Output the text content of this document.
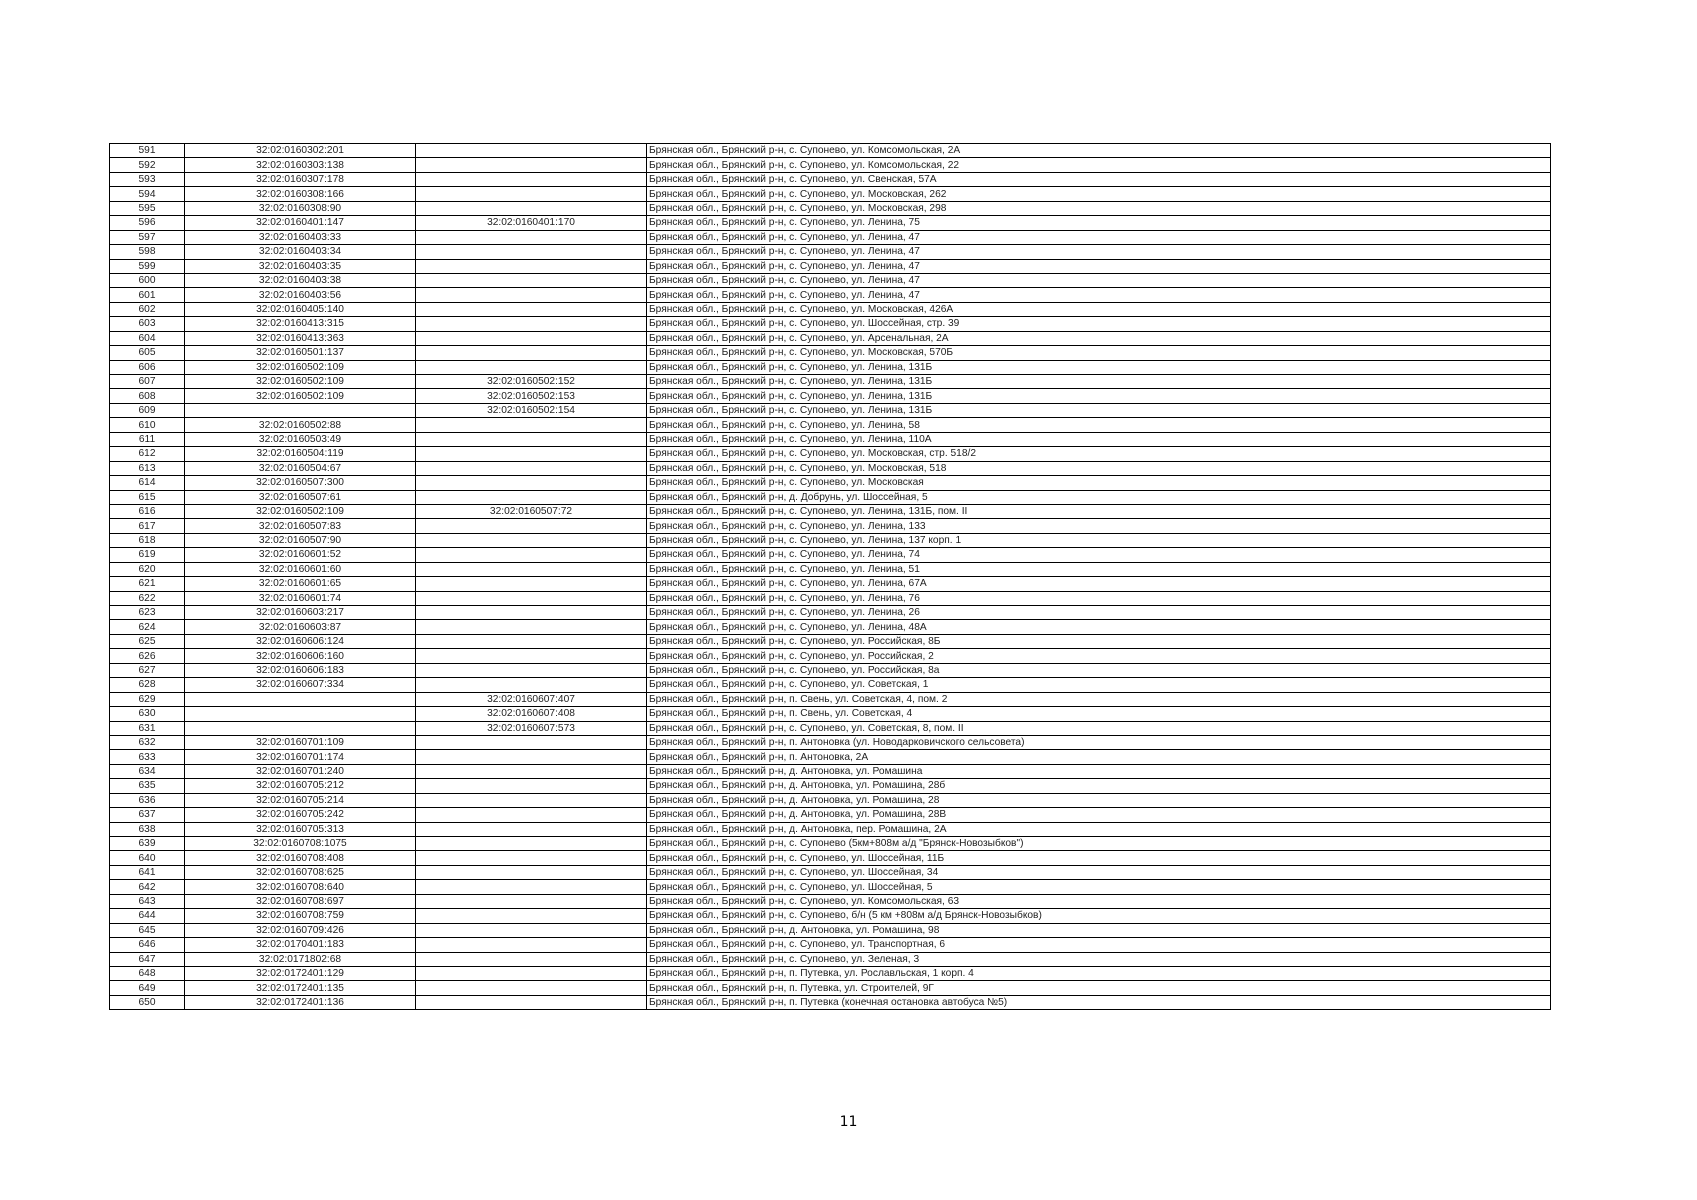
591	32:02:0160302:201		Брянская обл., Брянский р-н, с. Супонево, ул. Комсомольская, 2А
592	32:02:0160303:138		Брянская обл., Брянский р-н, с. Супонево, ул. Комсомольская, 22
593	32:02:0160307:178		Брянская обл., Брянский р-н, с. Супонево, ул. Свенская, 57А
594	32:02:0160308:166		Брянская обл., Брянский р-н, с. Супонево, ул. Московская, 262
595	32:02:0160308:90		Брянская обл., Брянский р-н, с. Супонево, ул. Московская, 298
596	32:02:0160401:147	32:02:0160401:170	Брянская обл., Брянский р-н, с. Супонево, ул. Ленина, 75
597	32:02:0160403:33		Брянская обл., Брянский р-н, с. Супонево, ул. Ленина, 47
598	32:02:0160403:34		Брянская обл., Брянский р-н, с. Супонево, ул. Ленина, 47
599	32:02:0160403:35		Брянская обл., Брянский р-н, с. Супонево, ул. Ленина, 47
600	32:02:0160403:38		Брянская обл., Брянский р-н, с. Супонево, ул. Ленина, 47
601	32:02:0160403:56		Брянская обл., Брянский р-н, с. Супонево, ул. Ленина, 47
602	32:02:0160405:140		Брянская обл., Брянский р-н, с. Супонево, ул. Московская, 426А
603	32:02:0160413:315		Брянская обл., Брянский р-н, с. Супонево, ул. Шоссейная, стр. 39
604	32:02:0160413:363		Брянская обл., Брянский р-н, с. Супонево, ул. Арсенальная, 2А
605	32:02:0160501:137		Брянская обл., Брянский р-н, с. Супонево, ул. Московская, 570Б
606	32:02:0160502:109		Брянская обл., Брянский р-н, с. Супонево, ул. Ленина, 131Б
607	32:02:0160502:109	32:02:0160502:152	Брянская обл., Брянский р-н, с. Супонево, ул. Ленина, 131Б
608	32:02:0160502:109	32:02:0160502:153	Брянская обл., Брянский р-н, с. Супонево, ул. Ленина, 131Б
609		32:02:0160502:154	Брянская обл., Брянский р-н, с. Супонево, ул. Ленина, 131Б
610	32:02:0160502:88		Брянская обл., Брянский р-н, с. Супонево, ул. Ленина, 58
611	32:02:0160503:49		Брянская обл., Брянский р-н, с. Супонево, ул. Ленина, 110А
612	32:02:0160504:119		Брянская обл., Брянский р-н, с. Супонево, ул. Московская, стр. 518/2
613	32:02:0160504:67		Брянская обл., Брянский р-н, с. Супонево, ул. Московская, 518
614	32:02:0160507:300		Брянская обл., Брянский р-н, с. Супонево, ул. Московская
615	32:02:0160507:61		Брянская обл., Брянский р-н, д. Добрунь, ул. Шоссейная, 5
616	32:02:0160502:109	32:02:0160507:72	Брянская обл., Брянский р-н, с. Супонево, ул. Ленина, 131Б, пом. II
617	32:02:0160507:83		Брянская обл., Брянский р-н, с. Супонево, ул. Ленина, 133
618	32:02:0160507:90		Брянская обл., Брянский р-н, с. Супонево, ул. Ленина, 137 корп. 1
619	32:02:0160601:52		Брянская обл., Брянский р-н, с. Супонево, ул. Ленина, 74
620	32:02:0160601:60		Брянская обл., Брянский р-н, с. Супонево, ул. Ленина, 51
621	32:02:0160601:65		Брянская обл., Брянский р-н, с. Супонево, ул. Ленина, 67А
622	32:02:0160601:74		Брянская обл., Брянский р-н, с. Супонево, ул. Ленина, 76
623	32:02:0160603:217		Брянская обл., Брянский р-н, с. Супонево, ул. Ленина, 26
624	32:02:0160603:87		Брянская обл., Брянский р-н, с. Супонево, ул. Ленина, 48А
625	32:02:0160606:124		Брянская обл., Брянский р-н, с. Супонево, ул. Российская, 8Б
626	32:02:0160606:160		Брянская обл., Брянский р-н, с. Супонево, ул. Российская, 2
627	32:02:0160606:183		Брянская обл., Брянский р-н, с. Супонево, ул. Российская, 8а
628	32:02:0160607:334		Брянская обл., Брянский р-н, с. Супонево, ул. Советская, 1
629		32:02:0160607:407	Брянская обл., Брянский р-н, п. Свень, ул. Советская, 4, пом. 2
630		32:02:0160607:408	Брянская обл., Брянский р-н, п. Свень, ул. Советская, 4
631		32:02:0160607:573	Брянская обл., Брянский р-н, с. Супонево, ул. Советская, 8, пом. II
632	32:02:0160701:109		Брянская обл., Брянский р-н, п. Антоновка (ул. Новодарковичского сельсовета)
633	32:02:0160701:174		Брянская обл., Брянский р-н, п. Антоновка, 2А
634	32:02:0160701:240		Брянская обл., Брянский р-н, д. Антоновка, ул. Ромашина
635	32:02:0160705:212		Брянская обл., Брянский р-н, д. Антоновка, ул. Ромашина, 28б
636	32:02:0160705:214		Брянская обл., Брянский р-н, д. Антоновка, ул. Ромашина, 28
637	32:02:0160705:242		Брянская обл., Брянский р-н, д. Антоновка, ул. Ромашина, 28В
638	32:02:0160705:313		Брянская обл., Брянский р-н, д. Антоновка, пер. Ромашина, 2А
639	32:02:0160708:1075		Брянская обл., Брянский р-н, с. Супонево (5км+808м а/д "Брянск-Новозыбков")
640	32:02:0160708:408		Брянская обл., Брянский р-н, с. Супонево, ул. Шоссейная, 11Б
641	32:02:0160708:625		Брянская обл., Брянский р-н, с. Супонево, ул. Шоссейная, 34
642	32:02:0160708:640		Брянская обл., Брянский р-н, с. Супонево, ул. Шоссейная, 5
643	32:02:0160708:697		Брянская обл., Брянский р-н, с. Супонево, ул. Комсомольская, 63
644	32:02:0160708:759		Брянская обл., Брянский р-н, с. Супонево, б/н (5 км +808м а/д Брянск-Новозыбков)
645	32:02:0160709:426		Брянская обл., Брянский р-н, д. Антоновка, ул. Ромашина, 98
646	32:02:0170401:183		Брянская обл., Брянский р-н, с. Супонево, ул. Транспортная, 6
647	32:02:0171802:68		Брянская обл., Брянский р-н, с. Супонево, ул. Зеленая, 3
648	32:02:0172401:129		Брянская обл., Брянский р-н, п. Путевка, ул. Рославльская, 1 корп. 4
649	32:02:0172401:135		Брянская обл., Брянский р-н, п. Путевка, ул. Строителей, 9Г
650	32:02:0172401:136		Брянская обл., Брянский р-н, п. Путевка (конечная остановка автобуса №5)
11
